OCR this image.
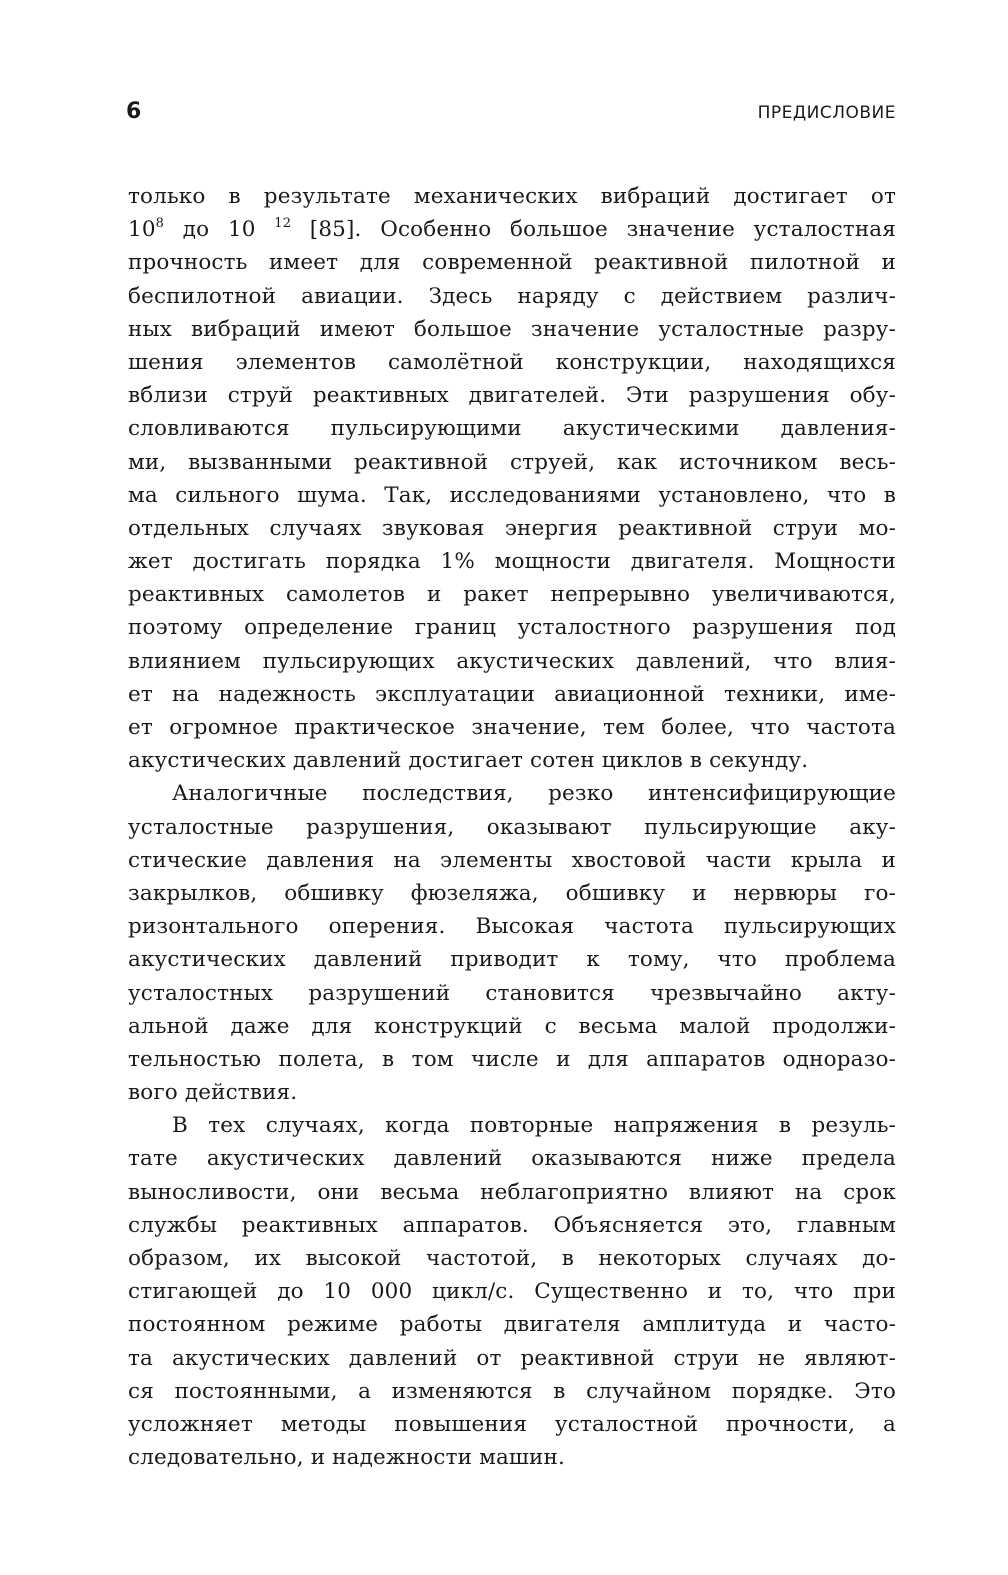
6	ПРЕДИСЛОВИЕ
только в результате механических вибраций достигает от
$10^8$ до 10 $^{12}$ [85]. Особенно большое значение усталостная
прочность имеет для современной реактивной пилотной и
беспилотной авиации. Здесь наряду с действием различ-
ных вибраций имеют большое значение усталостные разру-
шения элементов самолётной конструкции, находящихся
вблизи струй реактивных двигателей. Эти разрушения обу-
словливаются пульсирующими акустическими давления-
ми, вызванными реактивной струей, как источником весь-
ма сильного шума. Так, исследованиями установлено, что в
отдельных случаях звуковая энергия реактивной струи мо-
жет достигать порядка 1% мощности двигателя. Мощности
реактивных самолетов и ракет непрерывно увеличиваются,
поэтому определение границ усталостного разрушения под
влиянием пульсирующих акустических давлений, что влия-
ет на надежность эксплуатации авиационной техники, име-
ет огромное практическое значение, тем более, что частота
акустических давлений достигает сотен циклов в секунду.
Аналогичные последствия, резко интенсифицирующие
усталостные разрушения, оказывают пульсирующие аку-
стические давления на элементы хвостовой части крыла и
закрылков, обшивку фюзеляжа, обшивку и нервюры го-
ризонтального оперения. Высокая частота пульсирующих
акустических давлений приводит к тому, что проблема
усталостных разрушений становится чрезвычайно акту-
альной даже для конструкций с весьма малой продолжи-
тельностью полета, в том числе и для аппаратов одноразо-
вого действия.
В тех случаях, когда повторные напряжения в резуль-
тате акустических давлений оказываются ниже предела
выносливости, они весьма неблагоприятно влияют на срок
службы реактивных аппаратов. Объясняется это, главным
образом, их высокой частотой, в некоторых случаях до-
стигающей до 10 000 цикл/с. Существенно и то, что при
постоянном режиме работы двигателя амплитуда и часто-
та акустических давлений от реактивной струи не являют-
ся постоянными, а изменяются в случайном порядке. Это
усложняет методы повышения усталостной прочности, а
следовательно, и надежности машин.
